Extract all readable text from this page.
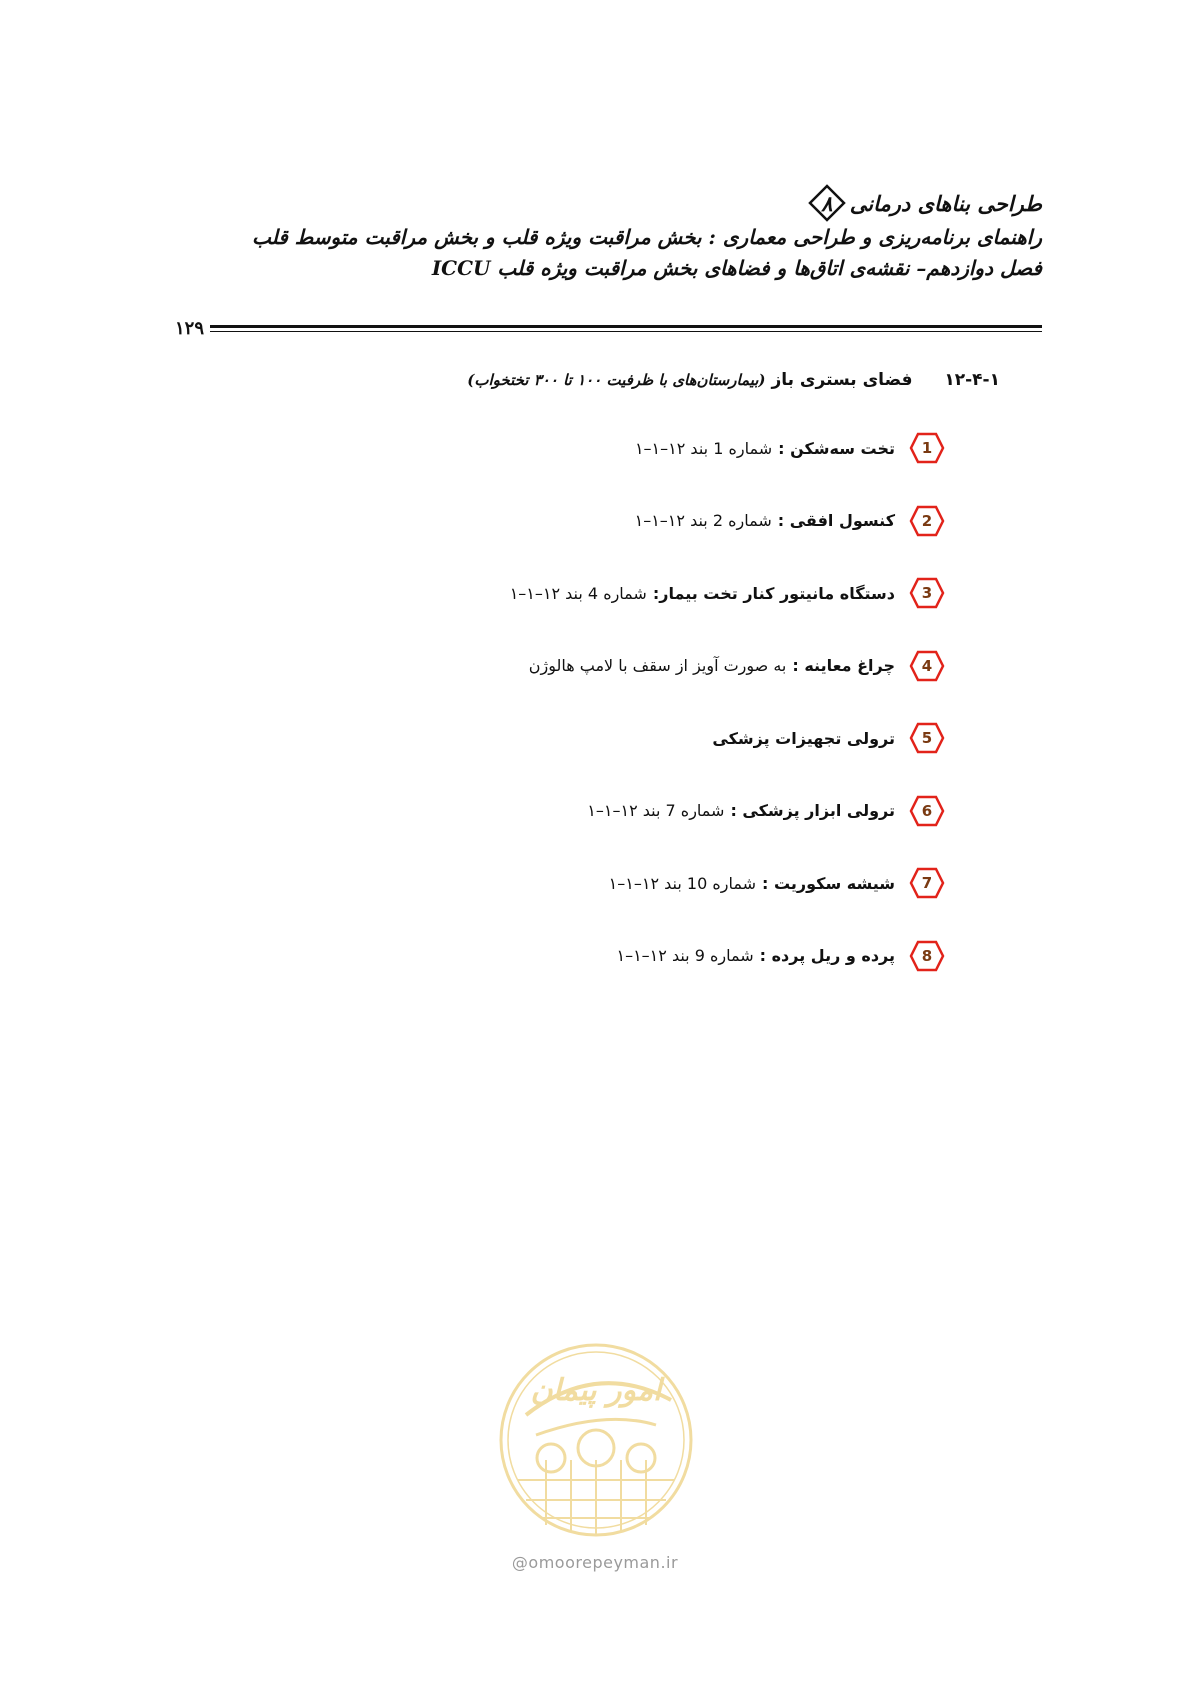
طراحی بناهای درمانی
۸
راهنمای برنامه‌ریزی و طراحی معماری : بخش مراقبت ویژه قلب و بخش مراقبت متوسط قلب
فصل دوازدهم– نقشه‌ی اتاق‌ها و فضاهای بخش مراقبت ویژه قلب ICCU
۱۲۹
۱۲-۴-۱ فضای بستری باز (بیمارستان‌های با ظرفیت ۱۰۰ تا ۳۰۰ تختخواب)
1
تخت سه‌شکن :
شماره 1 بند ۱۲–۱–۱
2
کنسول افقی :
شماره 2 بند ۱۲–۱–۱
3
دستگاه مانیتور کنار تخت بیمار:
شماره 4 بند ۱۲–۱–۱
4
چراغ معاینه :
به صورت آویز از سقف با لامپ هالوژن
5
ترولی تجهیزات پزشکی
6
ترولی ابزار پزشکی :
شماره 7 بند ۱۲–۱–۱
7
شیشه سکوریت :
شماره 10 بند ۱۲–۱–۱
8
پرده و ریل پرده :
شماره 9 بند ۱۲–۱–۱
امور پیمان
@omoorepeyman.ir
